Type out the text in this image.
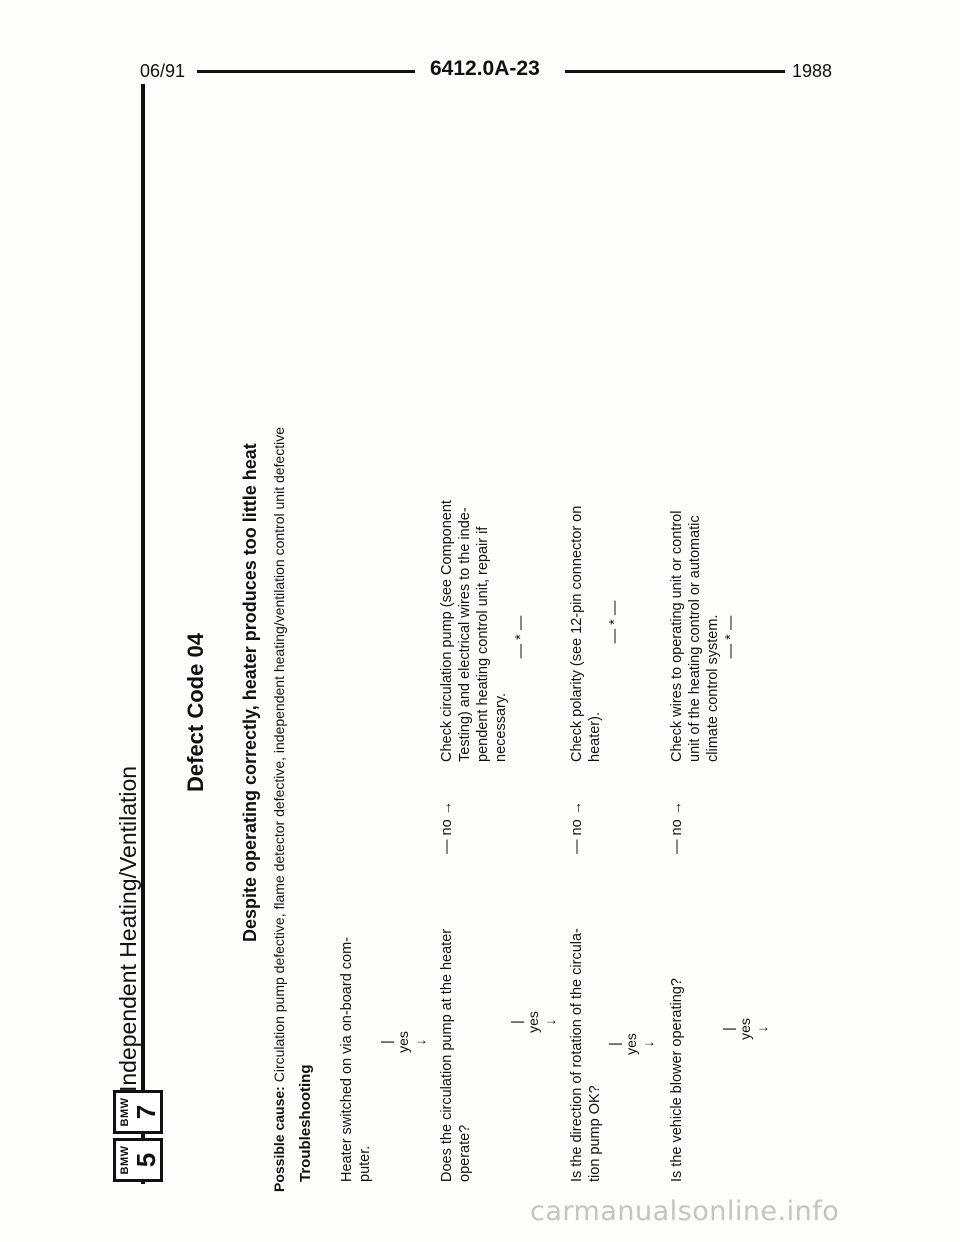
06/91	6412.0A-23	1988
BMW 5
BMW 7
Independent Heating/Ventilation
Defect Code 04 Despite operating correctly, heater produces too little heat
Possible cause: Circulation pump defective, flame detector defective, independent heating/ventilation control unit defective
Troubleshooting Heater switched on via on-board com- puter.
| yes ↓ Does the circulation pump at the heater operate?
— no →
Check circulation pump (see Component Testing) and electrical wires to the inde- pendent heating control unit, repair if necessary.
— * —
| yes ↓ Is the direction of rotation of the circula- tion pump OK?
— no →
Check polarity (see 12-pin connector on heater).
— * —
| yes ↓ Is the vehicle blower operating?
— no →
Check wires to operating unit or control unit of the heating control or automatic climate control system. — * —
| yes ↓
carmanualsonline.info
